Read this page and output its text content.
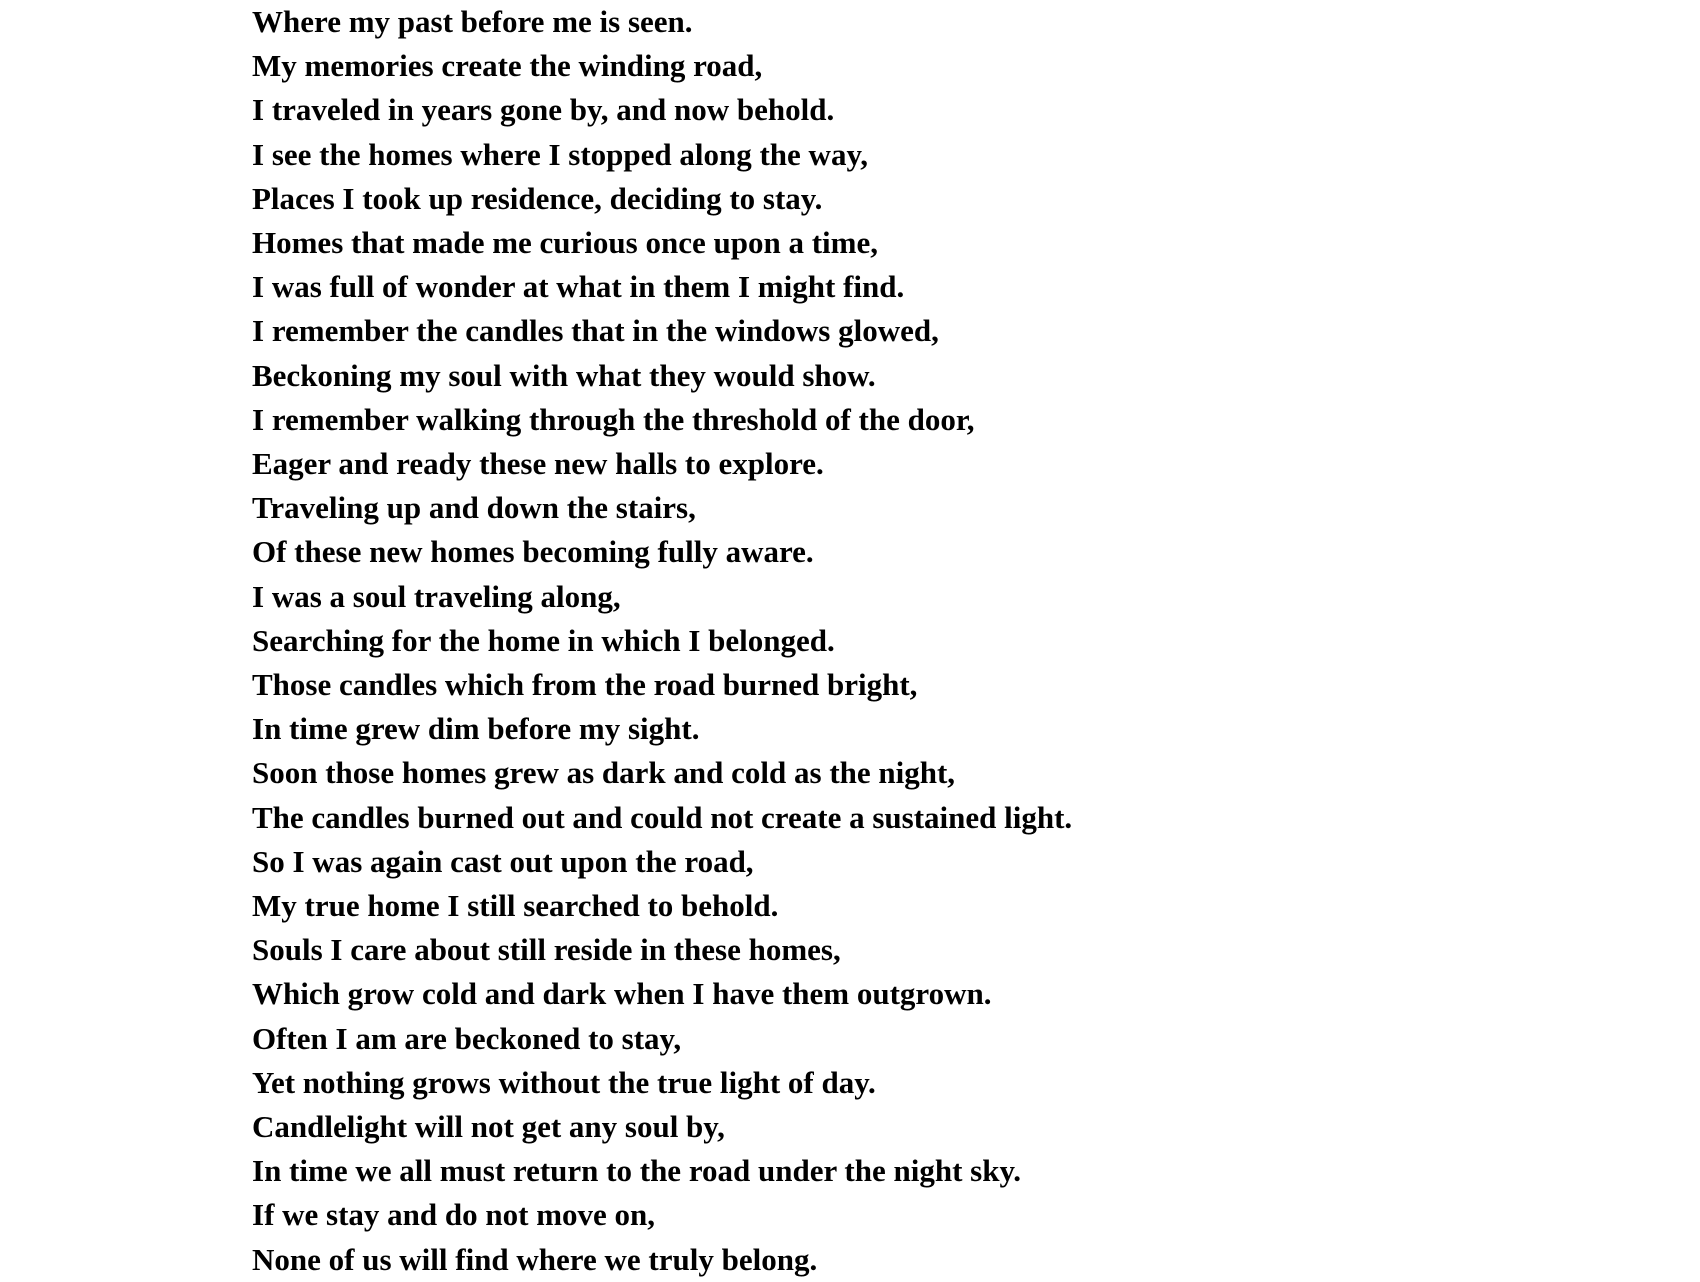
Where my past before me is seen.

My memories create the winding road,

I traveled in years gone by, and now behold.

I see the homes where I stopped along the way,

Places I took up residence, deciding to stay.

Homes that made me curious once upon a time,

I was full of wonder at what in them I might find.

I remember the candles that in the windows glowed,

Beckoning my soul with what they would show.

I remember walking through the threshold of the door,

Eager and ready these new halls to explore.

Traveling up and down the stairs,

Of these new homes becoming fully aware.

I was a soul traveling along,

Searching for the home in which I belonged.

Those candles which from the road burned bright,

In time grew dim before my sight.

Soon those homes grew as dark and cold as the night,

The candles burned out and could not create a sustained light.

So I was again cast out upon the road,

My true home I still searched to behold.

Souls I care about still reside in these homes,

Which grow cold and dark when I have them outgrown.

Often I am are beckoned to stay,

Yet nothing grows without the true light of day.

Candlelight will not get any soul by,

In time we all must return to the road under the night sky.

If we stay and do not move on,

None of us will find where we truly belong.
